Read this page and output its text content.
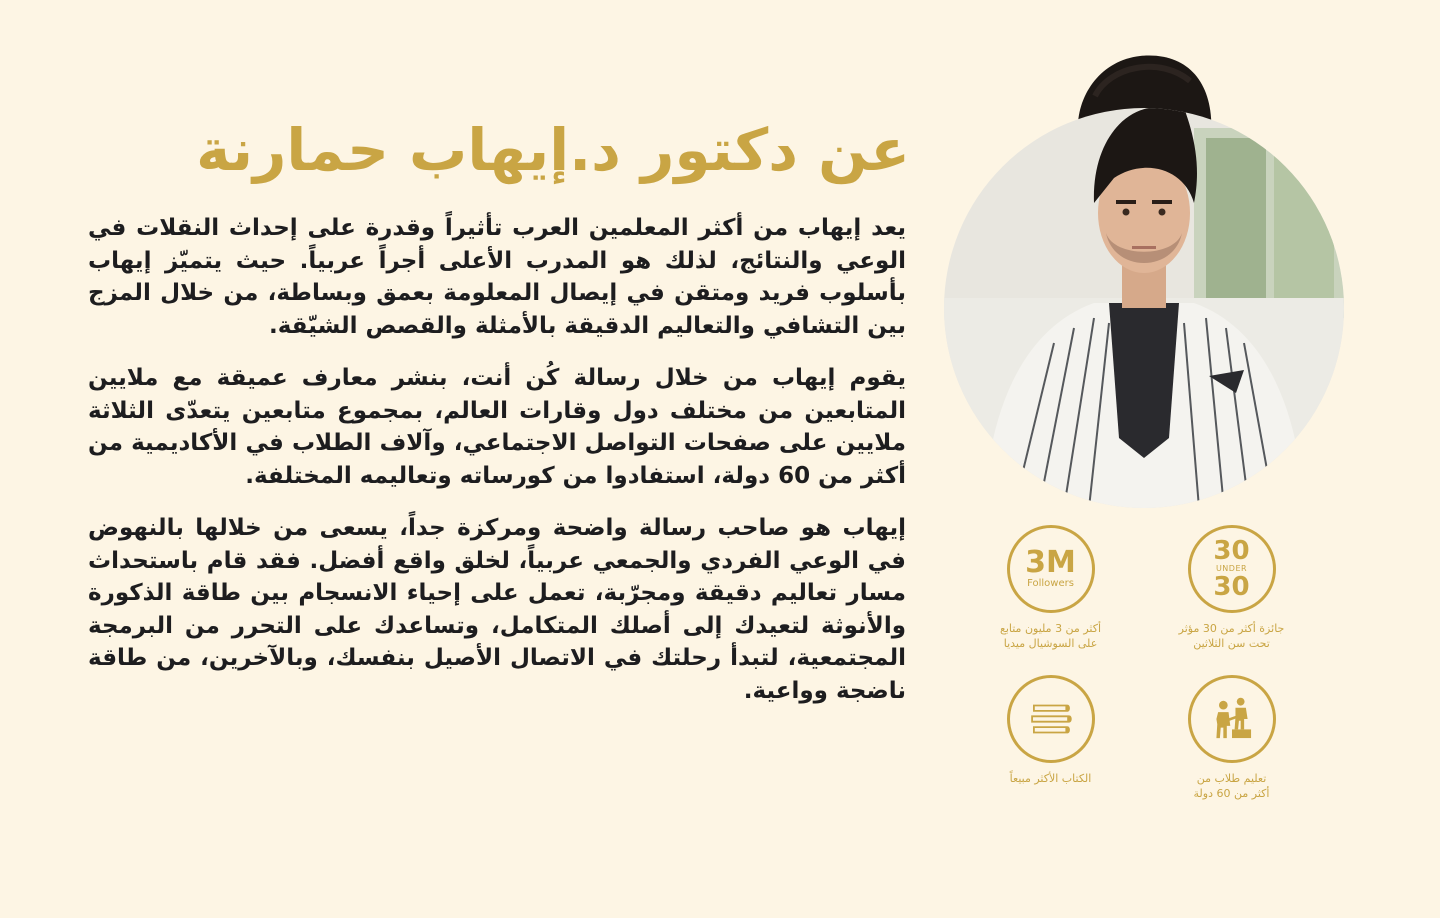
عن دكتور د.إيهاب حمارنة

يعد إيهاب من أكثر المعلمين العرب تأثيراً وقدرة على إحداث النقلات في الوعي والنتائج، لذلك هو المدرب الأعلى أجراً عربياً. حيث يتميّز إيهاب بأسلوب فريد ومتقن في إيصال المعلومة بعمق وبساطة، من خلال المزج بين التشافي والتعاليم الدقيقة بالأمثلة والقصص الشيّقة.

يقوم إيهاب من خلال رسالة كُن أنت، بنشر معارف عميقة مع ملايين المتابعين من مختلف دول وقارات العالم، بمجموع متابعين يتعدّى الثلاثة ملايين على صفحات التواصل الاجتماعي، وآلاف الطلاب في الأكاديمية من أكثر من 60 دولة، استفادوا من كورساته وتعاليمه المختلفة.

إيهاب هو صاحب رسالة واضحة ومركزة جداً، يسعى من خلالها بالنهوض في الوعي الفردي والجمعي عربياً، لخلق واقع أفضل. فقد قام باستحداث مسار تعاليم دقيقة ومجرّبة، تعمل على إحياء الانسجام بين طاقة الذكورة والأنوثة لتعيدك إلى أصلك المتكامل، وتساعدك على التحرر من البرمجة المجتمعية، لتبدأ رحلتك في الاتصال الأصيل بنفسك، وبالآخرين، من طاقة ناضجة وواعية.

30
UNDER
30
جائزة أكثر من 30 مؤثر
تحت سن الثلاثين
3M
Followers
أكثر من 3 مليون متابع
على السوشيال ميديا
تعليم طلاب من
أكثر من 60 دولة
الكتاب الأكثر مبيعاً
